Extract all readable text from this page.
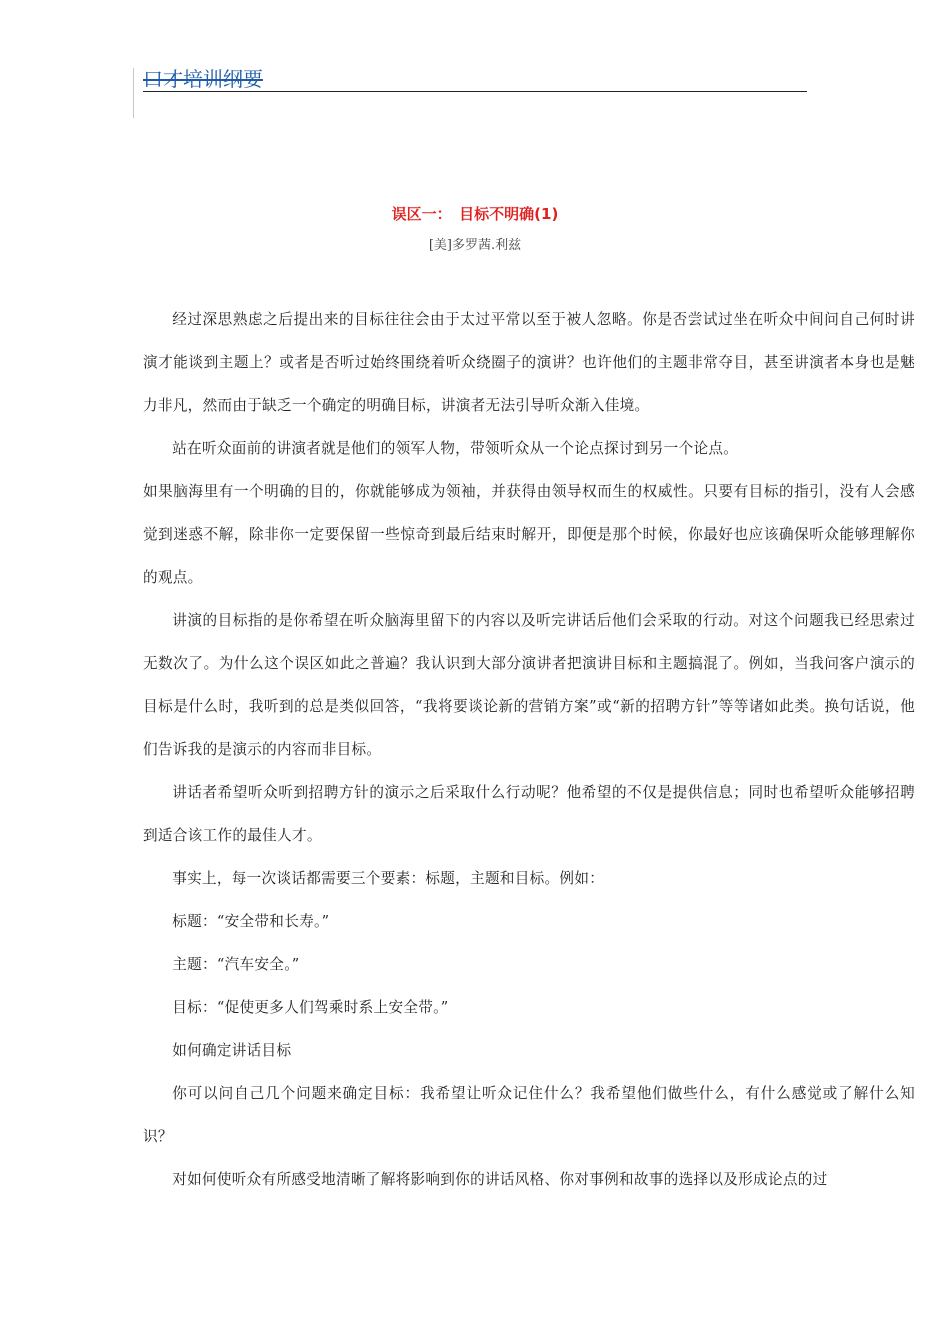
口才培训纲要
误区一：　目标不明确(1)
[美]多罗茜.利兹

经过深思熟虑之后提出来的目标往往会由于太过平常以至于被人忽略。你是否尝试过坐在听众中间问自己何时讲演才能谈到主题上？或者是否听过始终围绕着听众绕圈子的演讲？也许他们的主题非常夺目，甚至讲演者本身也是魅力非凡，然而由于缺乏一个确定的明确目标，讲演者无法引导听众渐入佳境。

站在听众面前的讲演者就是他们的领军人物，带领听众从一个论点探讨到另一个论点。

如果脑海里有一个明确的目的，你就能够成为领袖，并获得由领导权而生的权威性。只要有目标的指引，没有人会感觉到迷惑不解，除非你一定要保留一些惊奇到最后结束时解开，即便是那个时候，你最好也应该确保听众能够理解你的观点。

讲演的目标指的是你希望在听众脑海里留下的内容以及听完讲话后他们会采取的行动。对这个问题我已经思索过无数次了。为什么这个误区如此之普遍？我认识到大部分演讲者把演讲目标和主题搞混了。例如，当我问客户演示的目标是什么时，我听到的总是类似回答，“我将要谈论新的营销方案”或“新的招聘方针”等等诸如此类。换句话说，他们告诉我的是演示的内容而非目标。

讲话者希望听众听到招聘方针的演示之后采取什么行动呢？他希望的不仅是提供信息；同时也希望听众能够招聘到适合该工作的最佳人才。

事实上，每一次谈话都需要三个要素：标题，主题和目标。例如：

标题：“安全带和长寿。”

主题：“汽车安全。”

目标：“促使更多人们驾乘时系上安全带。”

如何确定讲话目标

你可以问自己几个问题来确定目标：我希望让听众记住什么？我希望他们做些什么，有什么感觉或了解什么知识？

对如何使听众有所感受地清晰了解将影响到你的讲话风格、你对事例和故事的选择以及形成论点的过
